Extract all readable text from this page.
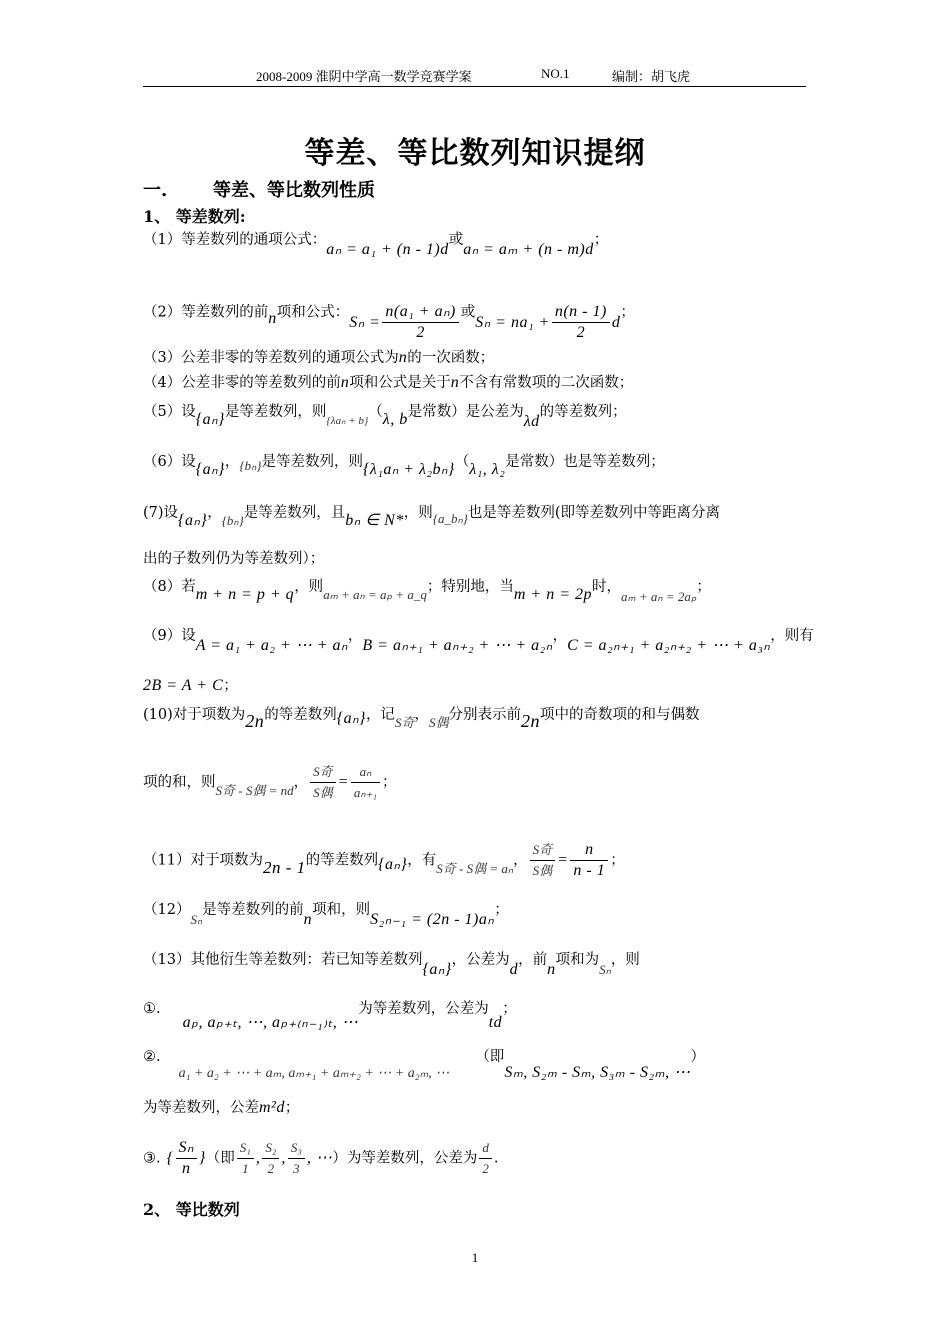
2008-2009 淮阴中学高一数学竞赛学案	NO.1	编制：胡飞虎
等差、等比数列知识提纲
一.	等差、等比数列性质
1、 等差数列:
（1）等差数列的通项公式：aₙ = a₁ + (n - 1)d或aₙ = aₘ + (n - m)d；
（2）等差数列的前n项和公式：$S_n = \frac{\text{n(a₁ + aₙ)}}{2}$ 或$S_n = na_1 + \frac{n(n - 1)}{2}$ d；
（3）公差非零的等差数列的通项公式为n的一次函数；
（4）公差非零的等差数列的前n项和公式是关于n不含有常数项的二次函数；
（5）设{aₙ}是等差数列，则$_{\{\lambda a_n + b\}}$（λ, b是常数）是公差为λd的等差数列；
（6）设{aₙ}，{bₙ}是等差数列，则{λ₁aₙ + λ₂bₙ}（λ₁, λ₂是常数）也是等差数列；
(7)设{aₙ}，{bₙ}是等差数列，且bₙ ∈ N*，则{a_bₙ}也是等差数列(即等差数列中等距离分离
出的子数列仍为等差数列）；
（8）若m + n = p + q，则aₘ + aₙ = aₚ + a_q；特别地，当m + n = 2p时，aₘ + aₙ = 2aₚ；
（9）设A = a₁ + a₂ + ⋯ + aₙ，B = aₙ₊₁ + aₙ₊₂ + ⋯ + a₂ₙ，C = a₂ₙ₊₁ + a₂ₙ₊₂ + ⋯ + a₃ₙ，则有
2B = A + C；
(10)对于项数为2n的等差数列{aₙ}，记S奇，S偶分别表示前2n项中的奇数项的和与偶数
项的和，则S奇 - S偶 = nd， $\frac{\text{S奇}}{\text{S偶}} = \frac{\text{aₙ}}{\text{aₙ₊₁}}$ ；
（11）对于项数为2n - 1的等差数列{aₙ}，有S奇 - S偶 = aₙ， $\frac{\text{S奇}}{\text{S偶}} = \frac{n}{n - 1}$ ；
（12）Sₙ是等差数列的前n项和，则S₂ₙ₋₁ = (2n - 1)aₙ；
（13）其他衍生等差数列：若已知等差数列{aₙ}，公差为d，前n项和为Sₙ，则
①.aₚ, aₚ₊ₜ, ⋯, aₚ₊₍ₙ₋₁₎ₜ, ⋯为等差数列，公差为td；
②.a₁ + a₂ + ⋯ + aₘ, aₘ₊₁ + aₘ₊₂ + ⋯ + a₂ₘ, ⋯（即Sₘ, S₂ₘ - Sₘ, S₃ₘ - S₂ₘ, ⋯）
为等差数列，公差m²d；
③. { $\frac{\text{Sₙ}}{n}$ }（即 $\frac{\text{S₁}}{1}$ , $\frac{\text{S₂}}{2}$ , $\frac{\text{S₃}}{3}$ , ⋯）为等差数列，公差为 $\frac{d}{2}$ .
2、 等比数列
1
